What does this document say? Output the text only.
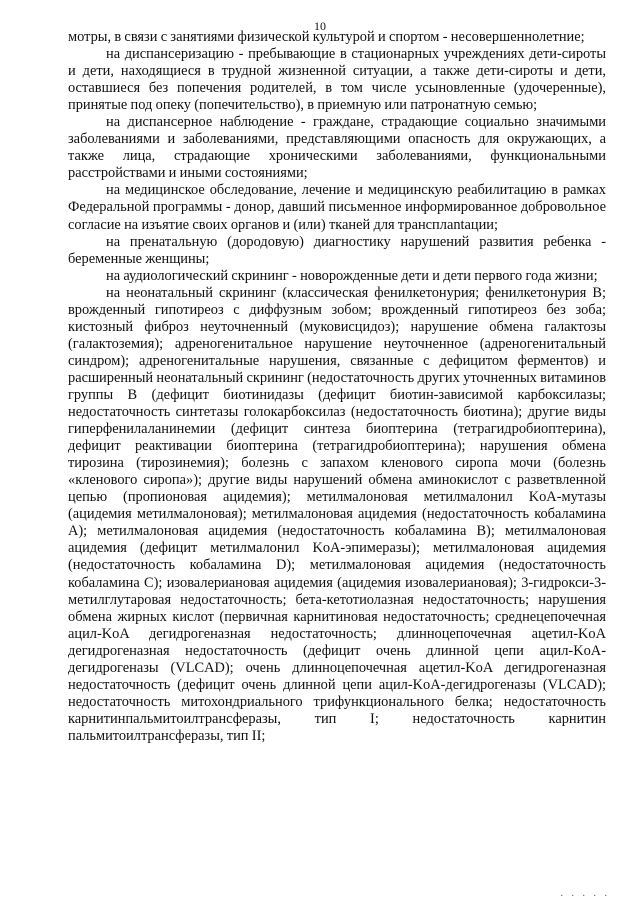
10

мотры, в связи с занятиями физической культурой и спортом - несовершеннолетние;

на диспансеризацию - пребывающие в стационарных учреждениях дети-сироты и дети, находящиеся в трудной жизненной ситуации, а также дети-сироты и дети, оставшиеся без попечения родителей, в том числе усыновленные (удочеренные), принятые под опеку (попечительство), в приемную или патронатную семью;

на диспансерное наблюдение - граждане, страдающие социально значимыми заболеваниями и заболеваниями, представляющими опасность для окружающих, а также лица, страдающие хроническими заболеваниями, функциональными расстройствами и иными состояниями;

на медицинское обследование, лечение и медицинскую реабилитацию в рамках Федеральной программы - донор, давший письменное информированное добровольное согласие на изъятие своих органов и (или) тканей для трансплantaции;

на пренатальную (дородовую) диагностику нарушений развития ребенка - беременные женщины;

на аудиологический скрининг - новорожденные дети и дети первого года жизни;

на неонатальный скрининг (классическая фенилкетонурия; фенилкетонурия B; врожденный гипотиреоз с диффузным зобом; врожденный гипотиреоз без зоба; кистозный фиброз неуточненный (муковисцидоз); нарушение обмена галактозы (галактоземия); адреногенитальное нарушение неуточненное (адреногенитальный синдром); адреногенитальные нарушения, связанные с дефицитом ферментов) и расширенный неонатальный скрининг (недостаточность других уточненных витаминов группы B (дефицит биотинидазы (дефицит биотин-зависимой карбоксилазы; недостаточность синтетазы голокарбоксилаз (недостаточность биотина); другие виды гиперфенилаланинемии (дефицит синтеза биоптерина (тетрагидробиоптерина), дефицит реактивации биоптерина (тетрагидробиоптерина); нарушения обмена тирозина (тирозинемия); болезнь с запахом кленового сиропа мочи (болезнь «кленового сиропа»); другие виды нарушений обмена аминокислот с разветвленной цепью (пропионовая ацидемия); метилмалоновая метилмалонил KoA-мутазы (ацидемия метилмалоновая); метилмалоновая ацидемия (недостаточность кобаламина A); метилмалоновая ацидемия (недостаточность кобаламина B); метилмалоновая ацидемия (дефицит метилмалонил KoA-эпимеразы); метилмалоновая ацидемия (недостаточность кобаламина D); метилмалоновая ацидемия (недостаточность кобаламина C); изовалериановая ацидемия (ацидемия изовалериановая); 3-гидрокси-3-метилглутаровая недостаточность; бета-кетотиолазная недостаточность; нарушения обмена жирных кислот (первичная карнитиновая недостаточность; среднецепочечная ацил-KoA дегидрогеназная недостаточность; длинноцепочечная ацетил-KoA дегидрогеназная недостаточность (дефицит очень длинной цепи ацил-KoA-дегидрогеназы (VLCAD); очень длинноцепочечная ацетил-KoA дегидрогеназная недостаточность (дефицит очень длинной цепи ацил-KoA-дегидрогеназы (VLCAD); недостаточность митохондриального трифункционального белка; недостаточность карнитинпальмитоилтрансферазы, тип I; недостаточность карнитин пальмитоилтрансферазы, тип II;

. . . . .
